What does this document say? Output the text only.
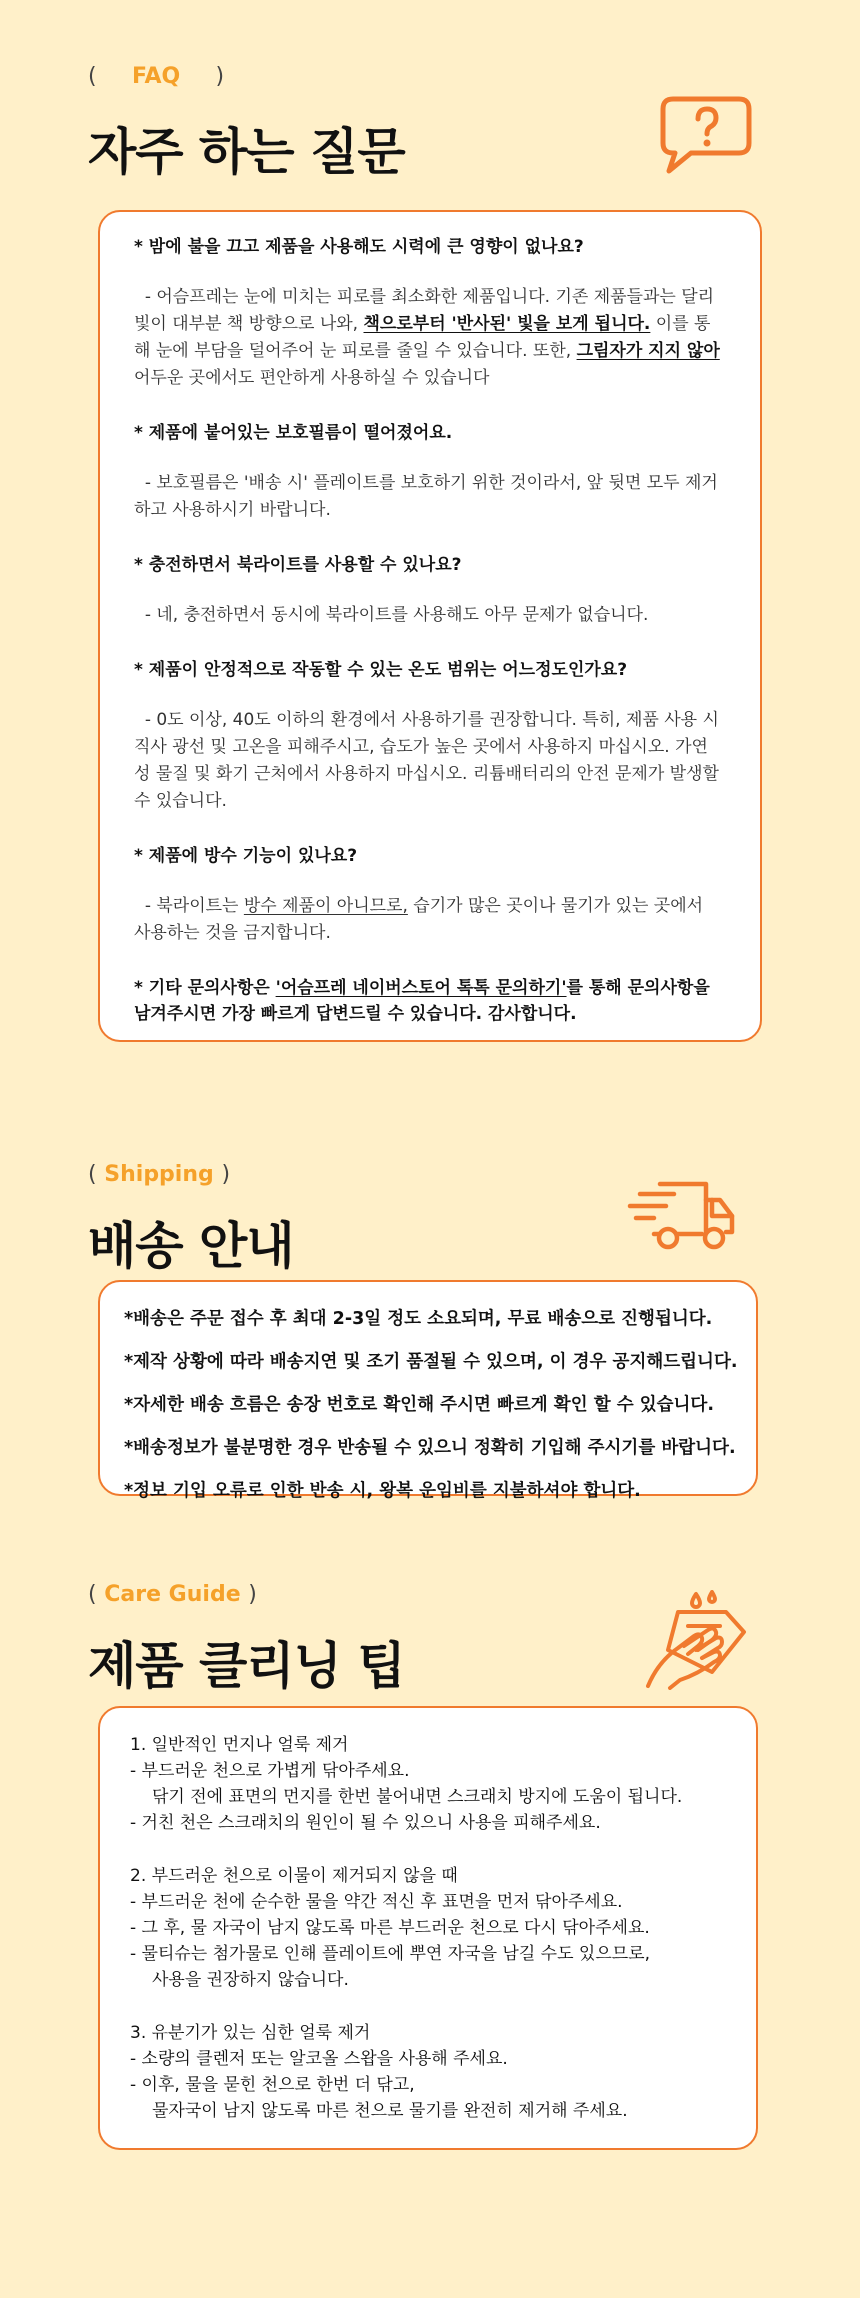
( FAQ )
자주 하는 질문

* 밤에 불을 끄고 제품을 사용해도 시력에 큰 영향이 없나요?

- 어슴프레는 눈에 미치는 피로를 최소화한 제품입니다. 기존 제품들과는 달리 빛이 대부분 책 방향으로 나와, 책으로부터 '반사된' 빛을 보게 됩니다. 이를 통해 눈에 부담을 덜어주어 눈 피로를 줄일 수 있습니다. 또한, 그림자가 지지 않아 어두운 곳에서도 편안하게 사용하실 수 있습니다

* 제품에 붙어있는 보호필름이 떨어졌어요.

- 보호필름은 '배송 시' 플레이트를 보호하기 위한 것이라서, 앞 뒷면 모두 제거하고 사용하시기 바랍니다.

* 충전하면서 북라이트를 사용할 수 있나요?

- 네, 충전하면서 동시에 북라이트를 사용해도 아무 문제가 없습니다.

* 제품이 안정적으로 작동할 수 있는 온도 범위는 어느정도인가요?

- 0도 이상, 40도 이하의 환경에서 사용하기를 권장합니다. 특히, 제품 사용 시 직사 광선 및 고온을 피해주시고, 습도가 높은 곳에서 사용하지 마십시오. 가연성 물질 및 화기 근처에서 사용하지 마십시오. 리튬배터리의 안전 문제가 발생할 수 있습니다.

* 제품에 방수 기능이 있나요?

- 북라이트는 방수 제품이 아니므로, 습기가 많은 곳이나 물기가 있는 곳에서 사용하는 것을 금지합니다.

* 기타 문의사항은 '어슴프레 네이버스토어 톡톡 문의하기'를 통해 문의사항을 남겨주시면 가장 빠르게 답변드릴 수 있습니다. 감사합니다.

( Shipping )
배송 안내

*배송은 주문 접수 후 최대 2-3일 정도 소요되며, 무료 배송으로 진행됩니다.

*제작 상황에 따라 배송지연 및 조기 품절될 수 있으며, 이 경우 공지해드립니다.

*자세한 배송 흐름은 송장 번호로 확인해 주시면 빠르게 확인 할 수 있습니다.

*배송정보가 불분명한 경우 반송될 수 있으니 정확히 기입해 주시기를 바랍니다.

*정보 기입 오류로 인한 반송 시, 왕복 운임비를 지불하셔야 합니다.

( Care Guide )
제품 클리닝 팁

1. 일반적인 먼지나 얼룩 제거

- 부드러운 천으로 가볍게 닦아주세요.

닦기 전에 표면의 먼지를 한번 불어내면 스크래치 방지에 도움이 됩니다.

- 거친 천은 스크래치의 원인이 될 수 있으니 사용을 피해주세요.

2. 부드러운 천으로 이물이 제거되지 않을 때

- 부드러운 천에 순수한 물을 약간 적신 후 표면을 먼저 닦아주세요.

- 그 후, 물 자국이 남지 않도록 마른 부드러운 천으로 다시 닦아주세요.

- 물티슈는 첨가물로 인해 플레이트에 뿌연 자국을 남길 수도 있으므로,

사용을 권장하지 않습니다.

3. 유분기가 있는 심한 얼룩 제거

- 소량의 클렌저 또는 알코올 스왑을 사용해 주세요.

- 이후, 물을 묻힌 천으로 한번 더 닦고,

물자국이 남지 않도록 마른 천으로 물기를 완전히 제거해 주세요.
